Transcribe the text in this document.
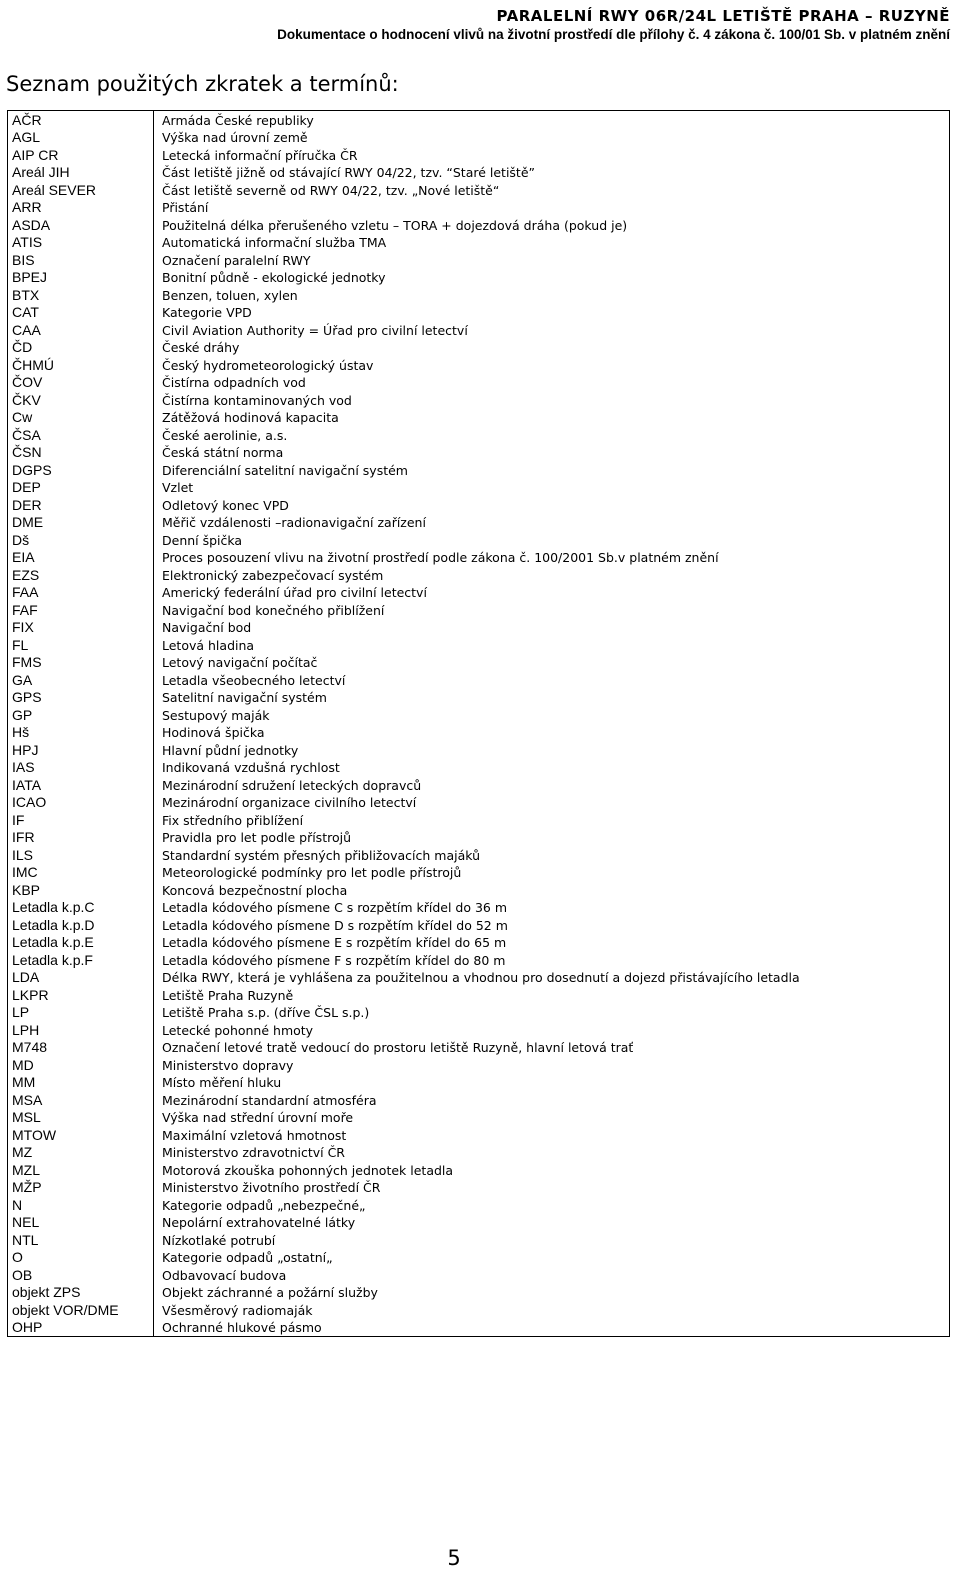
PARALELNÍ RWY 06R/24L LETIŠTĚ PRAHA – RUZYNĚ
Dokumentace o hodnocení vlivů na životní prostředí dle přílohy č. 4 zákona č. 100/01 Sb. v platném znění
Seznam použitých zkratek a termínů:
AČR	Armáda České republiky
AGL	Výška nad úrovní země
AIP CR	Letecká informační příručka ČR
Areál JIH	Část letiště jižně od stávající RWY 04/22, tzv. “Staré letiště”
Areál SEVER	Část letiště severně od RWY 04/22, tzv. „Nové letiště“
ARR	Přistání
ASDA	Použitelná délka přerušeného vzletu – TORA + dojezdová dráha (pokud je)
ATIS	Automatická informační služba TMA
BIS	Označení paralelní RWY
BPEJ	Bonitní půdně - ekologické jednotky
BTX	Benzen, toluen, xylen
CAT	Kategorie VPD
CAA	Civil Aviation Authority = Úřad pro civilní letectví
ČD	České dráhy
ČHMÚ	Český hydrometeorologický ústav
ČOV	Čistírna odpadních vod
ČKV	Čistírna kontaminovaných vod
Cw	Zátěžová hodinová kapacita
ČSA	České aerolinie, a.s.
ČSN	Česká státní norma
DGPS	Diferenciální satelitní navigační systém
DEP	Vzlet
DER	Odletový konec VPD
DME	Měřič vzdálenosti –radionavigační zařízení
Dš	Denní špička
EIA	Proces posouzení vlivu na životní prostředí podle zákona č. 100/2001 Sb.v platném znění
EZS	Elektronický zabezpečovací systém
FAA	Americký federální úřad pro civilní letectví
FAF	Navigační bod konečného přiblížení
FIX	Navigační bod
FL	Letová hladina
FMS	Letový navigační počítač
GA	Letadla všeobecného letectví
GPS	Satelitní navigační systém
GP	Sestupový maják
Hš	Hodinová špička
HPJ	Hlavní půdní jednotky
IAS	Indikovaná vzdušná rychlost
IATA	Mezinárodní sdružení leteckých dopravců
ICAO	Mezinárodní organizace civilního letectví
IF	Fix středního přiblížení
IFR	Pravidla pro let podle přístrojů
ILS	Standardní systém přesných přibližovacích majáků
IMC	Meteorologické podmínky pro let podle přístrojů
KBP	Koncová bezpečnostní plocha
Letadla k.p.C	Letadla kódového písmene C s rozpětím křídel do 36 m
Letadla k.p.D	Letadla kódového písmene D s rozpětím křídel do 52 m
Letadla k.p.E	Letadla kódového písmene E s rozpětím křídel do 65 m
Letadla k.p.F	Letadla kódového písmene F s rozpětím křídel do 80 m
LDA	Délka RWY, která je vyhlášena za použitelnou a vhodnou pro dosednutí a dojezd přistávajícího letadla
LKPR	Letiště Praha Ruzyně
LP	Letiště Praha s.p. (dříve ČSL s.p.)
LPH	Letecké pohonné hmoty
M748	Označení letové tratě vedoucí do prostoru letiště Ruzyně, hlavní letová trať
MD	Ministerstvo dopravy
MM	Místo měření hluku
MSA	Mezinárodní standardní atmosféra
MSL	Výška nad střední úrovní moře
MTOW	Maximální vzletová hmotnost
MZ	Ministerstvo zdravotnictví ČR
MZL	Motorová zkouška pohonných jednotek letadla
MŽP	Ministerstvo životního prostředí ČR
N	Kategorie odpadů „nebezpečné„
NEL	Nepolární extrahovatelné látky
NTL	Nízkotlaké potrubí
O	Kategorie odpadů „ostatní„
OB	Odbavovací budova
objekt ZPS	Objekt záchranné a požární služby
objekt VOR/DME	Všesměrový radiomaják
OHP	Ochranné hlukové pásmo
5
